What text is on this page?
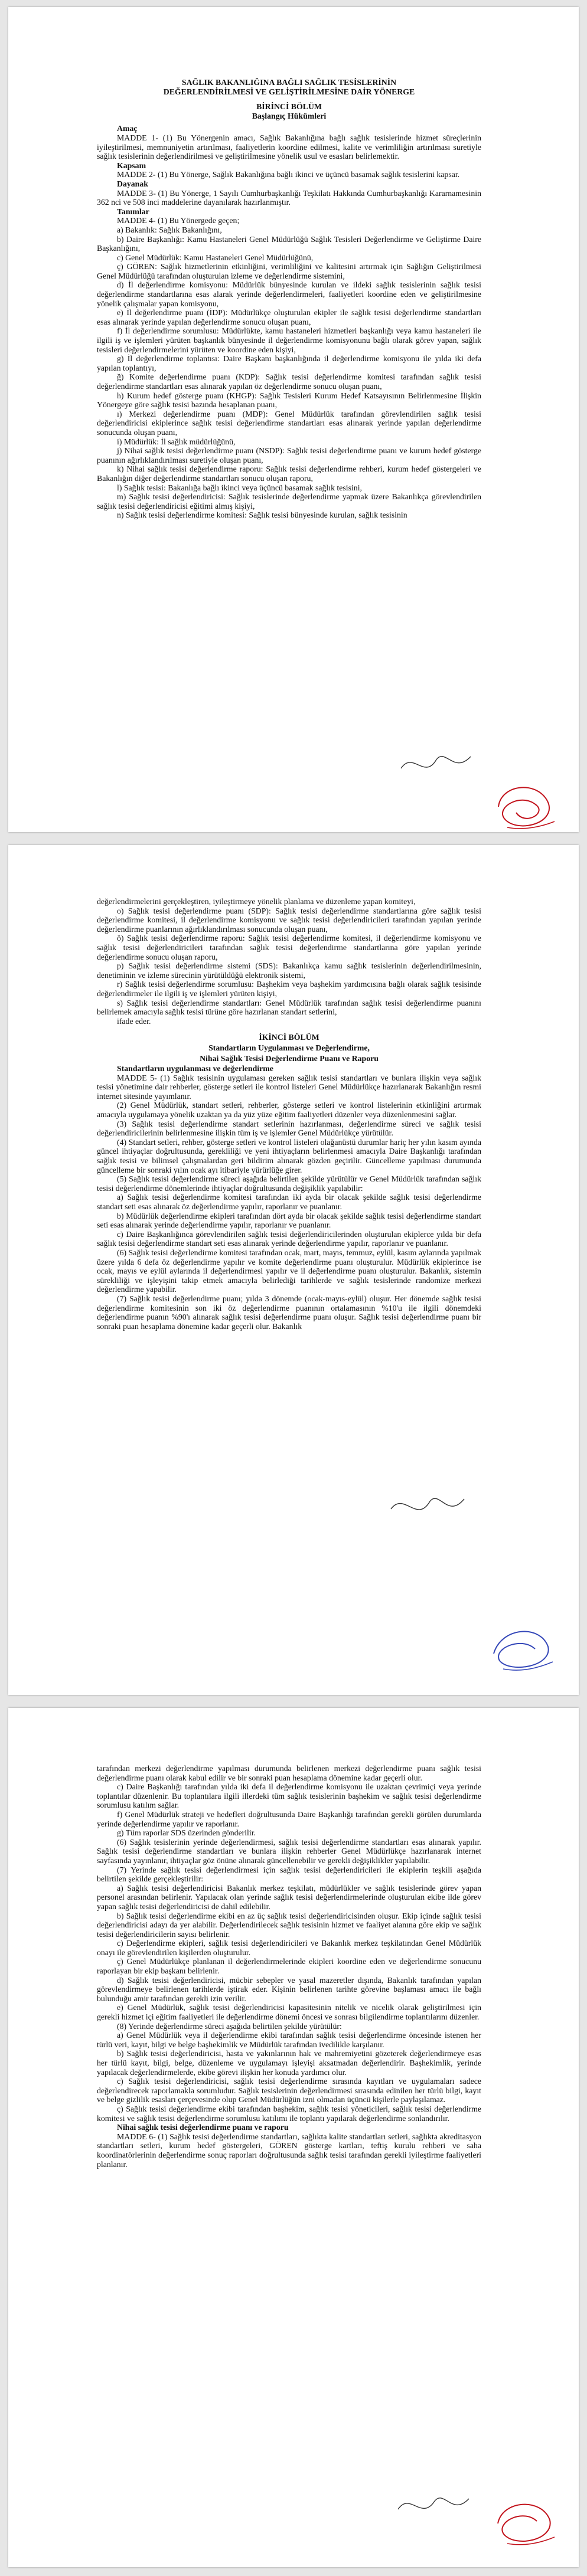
SAĞLIK BAKANLIĞINA BAĞLI SAĞLIK TESİSLERİNİN

DEĞERLENDİRİLMESİ VE GELİŞTİRİLMESİNE DAİR YÖNERGE

BİRİNCİ BÖLÜM

Başlangıç Hükümleri

Amaç

MADDE 1- (1) Bu Yönergenin amacı, Sağlık Bakanlığına bağlı sağlık tesislerinde hizmet süreçlerinin iyileştirilmesi, memnuniyetin artırılması, faaliyetlerin koordine edilmesi, kalite ve verimliliğin artırılması suretiyle sağlık tesislerinin değerlendirilmesi ve geliştirilmesine yönelik usul ve esasları belirlemektir.

Kapsam

MADDE 2- (1) Bu Yönerge, Sağlık Bakanlığına bağlı ikinci ve üçüncü basamak sağlık tesislerini kapsar.

Dayanak

MADDE 3- (1) Bu Yönerge, 1 Sayılı Cumhurbaşkanlığı Teşkilatı Hakkında Cumhurbaşkanlığı Kararnamesinin 362 nci ve 508 inci maddelerine dayanılarak hazırlanmıştır.

Tanımlar

MADDE 4- (1) Bu Yönergede geçen;

a) Bakanlık: Sağlık Bakanlığını,

b) Daire Başkanlığı: Kamu Hastaneleri Genel Müdürlüğü Sağlık Tesisleri Değerlendirme ve Geliştirme Daire Başkanlığını,

c) Genel Müdürlük: Kamu Hastaneleri Genel Müdürlüğünü,

ç) GÖREN: Sağlık hizmetlerinin etkinliğini, verimliliğini ve kalitesini artırmak için Sağlığın Geliştirilmesi Genel Müdürlüğü tarafından oluşturulan izleme ve değerlendirme sistemini,

d) İl değerlendirme komisyonu: Müdürlük bünyesinde kurulan ve ildeki sağlık tesislerinin sağlık tesisi değerlendirme standartlarına esas alarak yerinde değerlendirmeleri, faaliyetleri koordine eden ve geliştirilmesine yönelik çalışmalar yapan komisyonu,

e) İl değerlendirme puanı (İDP): Müdürlükçe oluşturulan ekipler ile sağlık tesisi değerlendirme standartları esas alınarak yerinde yapılan değerlendirme sonucu oluşan puanı,

f) İl değerlendirme sorumlusu: Müdürlükte, kamu hastaneleri hizmetleri başkanlığı veya kamu hastaneleri ile ilgili iş ve işlemleri yürüten başkanlık bünyesinde il değerlendirme komisyonunu bağlı olarak görev yapan, sağlık tesisleri değerlendirmelerini yürüten ve koordine eden kişiyi,

g) İl değerlendirme toplantısı: Daire Başkanı başkanlığında il değerlendirme komisyonu ile yılda iki defa yapılan toplantıyı,

ğ) Komite değerlendirme puanı (KDP): Sağlık tesisi değerlendirme komitesi tarafından sağlık tesisi değerlendirme standartları esas alınarak yapılan öz değerlendirme sonucu oluşan puanı,

h) Kurum hedef gösterge puanı (KHGP): Sağlık Tesisleri Kurum Hedef Katsayısının Belirlenmesine İlişkin Yönergeye göre sağlık tesisi bazında hesaplanan puanı,

ı) Merkezi değerlendirme puanı (MDP): Genel Müdürlük tarafından görevlendirilen sağlık tesisi değerlendiricisi ekiplerince sağlık tesisi değerlendirme standartları esas alınarak yerinde yapılan değerlendirme sonucunda oluşan puanı,

i) Müdürlük: İl sağlık müdürlüğünü,

j) Nihai sağlık tesisi değerlendirme puanı (NSDP): Sağlık tesisi değerlendirme puanı ve kurum hedef gösterge puanının ağırlıklandırılması suretiyle oluşan puanı,

k) Nihai sağlık tesisi değerlendirme raporu: Sağlık tesisi değerlendirme rehberi, kurum hedef göstergeleri ve Bakanlığın diğer değerlendirme standartları sonucu oluşan raporu,

l) Sağlık tesisi: Bakanlığa bağlı ikinci veya üçüncü basamak sağlık tesisini,

m) Sağlık tesisi değerlendiricisi: Sağlık tesislerinde değerlendirme yapmak üzere Bakanlıkça görevlendirilen sağlık tesisi değerlendiricisi eğitimi almış kişiyi,

n) Sağlık tesisi değerlendirme komitesi: Sağlık tesisi bünyesinde kurulan, sağlık tesisinin

değerlendirmelerini gerçekleştiren, iyileştirmeye yönelik planlama ve düzenleme yapan komiteyi,

o) Sağlık tesisi değerlendirme puanı (SDP): Sağlık tesisi değerlendirme standartlarına göre sağlık tesisi değerlendirme komitesi, il değerlendirme komisyonu ve sağlık tesisi değerlendiricileri tarafından yapılan yerinde değerlendirme puanlarının ağırlıklandırılması sonucunda oluşan puanı,

ö) Sağlık tesisi değerlendirme raporu: Sağlık tesisi değerlendirme komitesi, il değerlendirme komisyonu ve sağlık tesisi değerlendiricileri tarafından sağlık tesisi değerlendirme standartlarına göre yapılan yerinde değerlendirme sonucu oluşan raporu,

p) Sağlık tesisi değerlendirme sistemi (SDS): Bakanlıkça kamu sağlık tesislerinin değerlendirilmesinin, denetiminin ve izleme sürecinin yürütüldüğü elektronik sistemi,

r) Sağlık tesisi değerlendirme sorumlusu: Başhekim veya başhekim yardımcısına bağlı olarak sağlık tesisinde değerlendirmeler ile ilgili iş ve işlemleri yürüten kişiyi,

s) Sağlık tesisi değerlendirme standartları: Genel Müdürlük tarafından sağlık tesisi değerlendirme puanını belirlemek amacıyla sağlık tesisi türüne göre hazırlanan standart setlerini,

ifade eder.

İKİNCİ BÖLÜM

Standartların Uygulanması ve Değerlendirme,

Nihai Sağlık Tesisi Değerlendirme Puanı ve Raporu

Standartların uygulanması ve değerlendirme

MADDE 5- (1) Sağlık tesisinin uygulaması gereken sağlık tesisi standartları ve bunlara ilişkin veya sağlık tesisi yönetimine dair rehberler, gösterge setleri ile kontrol listeleri Genel Müdürlükçe hazırlanarak Bakanlığın resmi internet sitesinde yayımlanır.

(2) Genel Müdürlük, standart setleri, rehberler, gösterge setleri ve kontrol listelerinin etkinliğini artırmak amacıyla uygulamaya yönelik uzaktan ya da yüz yüze eğitim faaliyetleri düzenler veya düzenlenmesini sağlar.

(3) Sağlık tesisi değerlendirme standart setlerinin hazırlanması, değerlendirme süreci ve sağlık tesisi değerlendiricilerinin belirlenmesine ilişkin tüm iş ve işlemler Genel Müdürlükçe yürütülür.

(4) Standart setleri, rehber, gösterge setleri ve kontrol listeleri olağanüstü durumlar hariç her yılın kasım ayında güncel ihtiyaçlar doğrultusunda, gerekliliği ve yeni ihtiyaçların belirlenmesi amacıyla Daire Başkanlığı tarafından sağlık tesisi ve bilimsel çalışmalardan geri bildirim alınarak gözden geçirilir. Güncelleme yapılması durumunda güncelleme bir sonraki yılın ocak ayı itibariyle yürürlüğe girer.

(5) Sağlık tesisi değerlendirme süreci aşağıda belirtilen şekilde yürütülür ve Genel Müdürlük tarafından sağlık tesisi değerlendirme dönemlerinde ihtiyaçlar doğrultusunda değişiklik yapılabilir:

a) Sağlık tesisi değerlendirme komitesi tarafından iki ayda bir olacak şekilde sağlık tesisi değerlendirme standart seti esas alınarak öz değerlendirme yapılır, raporlanır ve puanlanır.

b) Müdürlük değerlendirme ekipleri tarafından dört ayda bir olacak şekilde sağlık tesisi değerlendirme standart seti esas alınarak yerinde değerlendirme yapılır, raporlanır ve puanlanır.

c) Daire Başkanlığınca görevlendirilen sağlık tesisi değerlendiricilerinden oluşturulan ekiplerce yılda bir defa sağlık tesisi değerlendirme standart seti esas alınarak yerinde değerlendirme yapılır, raporlanır ve puanlanır.

(6) Sağlık tesisi değerlendirme komitesi tarafından ocak, mart, mayıs, temmuz, eylül, kasım aylarında yapılmak üzere yılda 6 defa öz değerlendirme yapılır ve komite değerlendirme puanı oluşturulur. Müdürlük ekiplerince ise ocak, mayıs ve eylül aylarında il değerlendirmesi yapılır ve il değerlendirme puanı oluşturulur. Bakanlık, sistemin sürekliliği ve işleyişini takip etmek amacıyla belirlediği tarihlerde ve sağlık tesislerinde randomize merkezi değerlendirme yapabilir.

(7) Sağlık tesisi değerlendirme puanı; yılda 3 dönemde (ocak-mayıs-eylül) oluşur. Her dönemde sağlık tesisi değerlendirme komitesinin son iki öz değerlendirme puanının ortalamasının %10'u ile ilgili dönemdeki değerlendirme puanın %90'ı alınarak sağlık tesisi değerlendirme puanı oluşur. Sağlık tesisi değerlendirme puanı bir sonraki puan hesaplama dönemine kadar geçerli olur. Bakanlık

tarafından merkezi değerlendirme yapılması durumunda belirlenen merkezi değerlendirme puanı sağlık tesisi değerlendirme puanı olarak kabul edilir ve bir sonraki puan hesaplama dönemine kadar geçerli olur.

c) Daire Başkanlığı tarafından yılda iki defa il değerlendirme komisyonu ile uzaktan çevrimiçi veya yerinde toplantılar düzenlenir. Bu toplantılara ilgili illerdeki tüm sağlık tesislerinin başhekim ve sağlık tesisi değerlendirme sorumlusu katılım sağlar.

f) Genel Müdürlük strateji ve hedefleri doğrultusunda Daire Başkanlığı tarafından gerekli görülen durumlarda yerinde değerlendirme yapılır ve raporlanır.

g) Tüm raporlar SDS üzerinden gönderilir.

(6) Sağlık tesislerinin yerinde değerlendirmesi, sağlık tesisi değerlendirme standartları esas alınarak yapılır. Sağlık tesisi değerlendirme standartları ve bunlara ilişkin rehberler Genel Müdürlükçe hazırlanarak internet sayfasında yayınlanır, ihtiyaçlar göz önüne alınarak güncellenebilir ve gerekli değişiklikler yapılabilir.

(7) Yerinde sağlık tesisi değerlendirmesi için sağlık tesisi değerlendiricileri ile ekiplerin teşkili aşağıda belirtilen şekilde gerçekleştirilir:

a) Sağlık tesisi değerlendiricisi Bakanlık merkez teşkilatı, müdürlükler ve sağlık tesislerinde görev yapan personel arasından belirlenir. Yapılacak olan yerinde sağlık tesisi değerlendirmelerinde oluşturulan ekibe ilde görev yapan sağlık tesisi değerlendiricisi de dahil edilebilir.

b) Sağlık tesisi değerlendirme ekibi en az üç sağlık tesisi değerlendiricisinden oluşur. Ekip içinde sağlık tesisi değerlendiricisi adayı da yer alabilir. Değerlendirilecek sağlık tesisinin hizmet ve faaliyet alanına göre ekip ve sağlık tesisi değerlendiricilerin sayısı belirlenir.

c) Değerlendirme ekipleri, sağlık tesisi değerlendiricileri ve Bakanlık merkez teşkilatından Genel Müdürlük onayı ile görevlendirilen kişilerden oluşturulur.

ç) Genel Müdürlükçe planlanan il değerlendirmelerinde ekipleri koordine eden ve değerlendirme sonucunu raporlayan bir ekip başkanı belirlenir.

d) Sağlık tesisi değerlendiricisi, mücbir sebepler ve yasal mazeretler dışında, Bakanlık tarafından yapılan görevlendirmeye belirlenen tarihlerde iştirak eder. Kişinin belirlenen tarihte görevine başlaması amacı ile bağlı bulunduğu amir tarafından gerekli izin verilir.

e) Genel Müdürlük, sağlık tesisi değerlendiricisi kapasitesinin nitelik ve nicelik olarak geliştirilmesi için gerekli hizmet içi eğitim faaliyetleri ile değerlendirme dönemi öncesi ve sonrası bilgilendirme toplantılarını düzenler.

(8) Yerinde değerlendirme süreci aşağıda belirtilen şekilde yürütülür:

a) Genel Müdürlük veya il değerlendirme ekibi tarafından sağlık tesisi değerlendirme öncesinde istenen her türlü veri, kayıt, bilgi ve belge başhekimlik ve Müdürlük tarafından ivedilikle karşılanır.

b) Sağlık tesisi değerlendiricisi, hasta ve yakınlarının hak ve mahremiyetini gözeterek değerlendirmeye esas her türlü kayıt, bilgi, belge, düzenleme ve uygulamayı işleyişi aksatmadan değerlendirir. Başhekimlik, yerinde yapılacak değerlendirmelerde, ekibe görevi ilişkin her konuda yardımcı olur.

c) Sağlık tesisi değerlendiricisi, sağlık tesisi değerlendirme sırasında kayıtları ve uygulamaları sadece değerlendirecek raporlamakla sorumludur. Sağlık tesislerinin değerlendirmesi sırasında edinilen her türlü bilgi, kayıt ve belge gizlilik esasları çerçevesinde olup Genel Müdürlüğün izni olmadan üçüncü kişilerle paylaşılamaz.

ç) Sağlık tesisi değerlendirme ekibi tarafından başhekim, sağlık tesisi yöneticileri, sağlık tesisi değerlendirme komitesi ve sağlık tesisi değerlendirme sorumlusu katılımı ile toplantı yapılarak değerlendirme sonlandırılır.

Nihai sağlık tesisi değerlendirme puanı ve raporu

MADDE 6- (1) Sağlık tesisi değerlendirme standartları, sağlıkta kalite standartları setleri, sağlıkta akreditasyon standartları setleri, kurum hedef göstergeleri, GÖREN gösterge kartları, teftiş kurulu rehberi ve saha koordinatörlerinin değerlendirme sonuç raporları doğrultusunda sağlık tesisi tarafından gerekli iyileştirme faaliyetleri planlanır.
